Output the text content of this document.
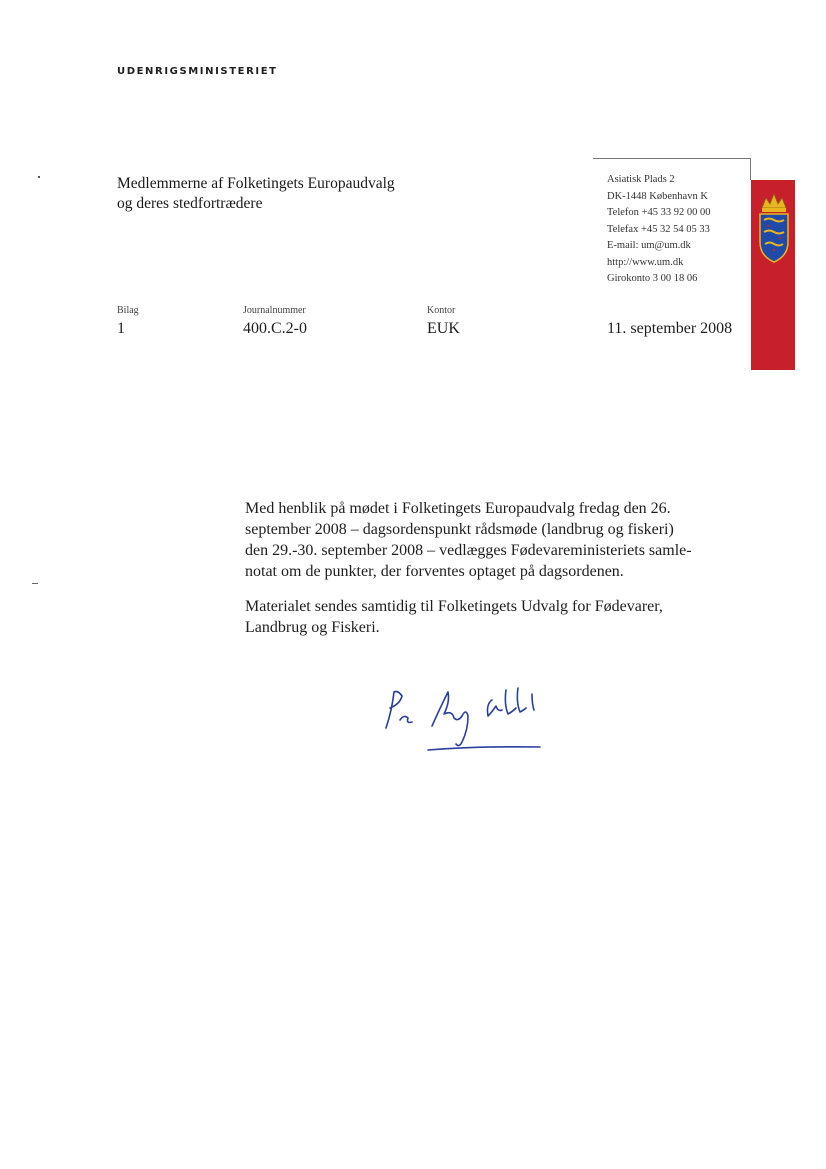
udenrigsministeriet
Medlemmerne af Folketingets Europaudvalg
og deres stedfortrædere
Asiatisk Plads 2
DK-1448 København K
Telefon +45 33 92 00 00
Telefax +45 32 54 05 33
E-mail: um@um.dk
http://www.um.dk
Girokonto 3 00 18 06
Bilag
1
Journalnummer
400.C.2-0
Kontor
EUK	11. september 2008
Med henblik på mødet i Folketingets Europaudvalg fredag den 26.
september 2008 – dagsordenspunkt rådsmøde (landbrug og fiskeri)
den 29.-30. september 2008 – vedlægges Fødevareministeriets samle-
notat om de punkter, der forventes optaget på dagsordenen.
Materialet sendes samtidig til Folketingets Udvalg for Fødevarer,
Landbrug og Fiskeri.
